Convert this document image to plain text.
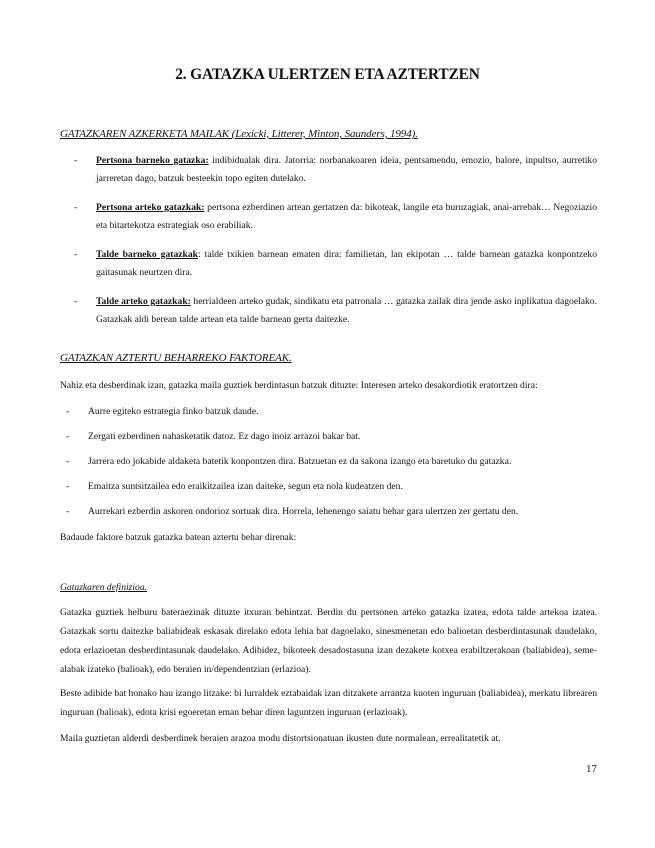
2. GATAZKA ULERTZEN ETA AZTERTZEN
GATAZKAREN AZKERKETA MAILAK (Lexicki, Litterer, Minton, Saunders, 1994).
- Pertsona barneko gatazka: indibidualak dira. Jatorria: norbanakoaren ideia, pentsamendu, emozio, balore, inpultso, aurretiko jarreretan dago, batzuk besteekin topo egiten dutelako.
- Pertsona arteko gatazkak: pertsona ezberdinen artean gertatzen da: bikoteak, langile eta buruzagiak, anai-arrebak… Negoziazio eta bitartekotza estrategiak oso erabiliak.
- Talde barneko gatazkak: talde txikien barnean ematen dira: familietan, lan ekipotan … talde barnean gatazka konpontzeko gaitasunak neurtzen dira.
- Talde arteko gatazkak: herrialdeen arteko gudak, sindikatu eta patronala … gatazka zailak dira jende asko inplikatua dagoelako. Gatazkak aldi berean talde artean eta talde barnean gerta daitezke.
GATAZKAN AZTERTU BEHARREKO FAKTOREAK.
Nahiz eta desberdinak izan, gatazka maila guztiek berdintasun batzuk dituzte: Interesen arteko desakordiotik eratortzen dira:
- Aurre egiteko estrategia finko batzuk daude.
- Zergati ezberdinen nahasketatik datoz. Ez dago inoiz arrazoi bakar bat.
- Jarrera edo jokabide aldaketa batetik konpontzen dira. Batzuetan ez da sakona izango eta baretuko du gatazka.
- Emaitza suntsitzailea edo eraikitzailea izan daiteke, segun eta nola kudeatzen den.
- Aurrekari ezberdin askoren ondorioz sortuak dira. Horrela, lehenengo saiatu behar gara ulertzen zer gertatu den.
Badaude faktore batzuk gatazka batean aztertu behar direnak:
Gatazkaren definizioa.
Gatazka guztiek helburu bateraezinak dituzte itxuran behintzat. Berdin du pertsonen arteko gatazka izatea, edota talde artekoa izatea. Gatazkak sortu daitezke baliabideak eskasak direlako edota lehia bat dagoelako, sinesmenetan edo balioetan desberdintasunak daudelako, edota erlazioetan desberdintasunak daudelako. Adibidez, bikoteek desadostasuna izan dezakete kotxea erabiltzerakoan (baliabidea), seme-alabak izateko (balioak), edo beraien in/dependentzian (erlazioa).
Beste adibide bat honako hau izango litzake: bi lurraldek eztabaidak izan ditzakete arrantza kuoten inguruan (baliabidea), merkatu librearen inguruan (balioak), edota krisi egoeretan eman behar diren laguntzen inguruan (erlazioak).
Maila guztietan alderdi desberdinek beraien arazoa modu distortsionatuan ikusten dute normalean, errealitatetik at.
17
